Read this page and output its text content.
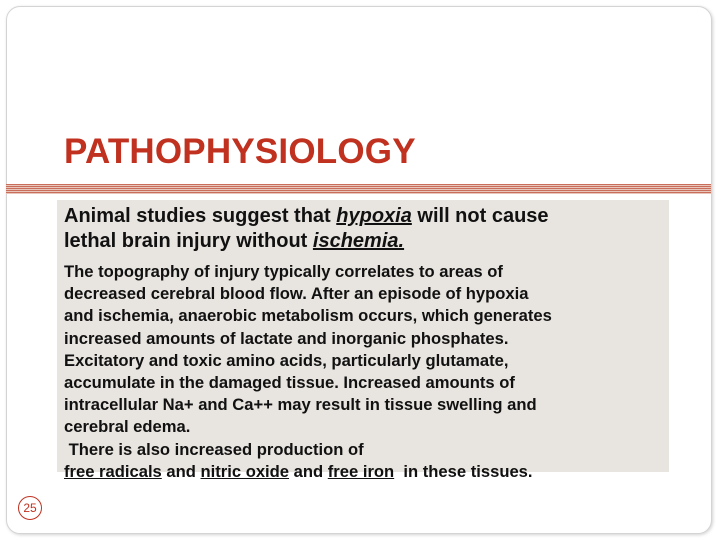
PATHOPHYSIOLOGY
Animal studies suggest that hypoxia will not cause
lethal brain injury without ischemia.
The topography of injury typically correlates to areas of
decreased cerebral blood flow. After an episode of hypoxia
and ischemia, anaerobic metabolism occurs, which generates
increased amounts of lactate and inorganic phosphates.
Excitatory and toxic amino acids, particularly glutamate,
accumulate in the damaged tissue. Increased amounts of
intracellular Na+ and Ca++ may result in tissue swelling and
cerebral edema.
There is also increased production of
free radicals and nitric oxide and free iron  in these tissues.
25
